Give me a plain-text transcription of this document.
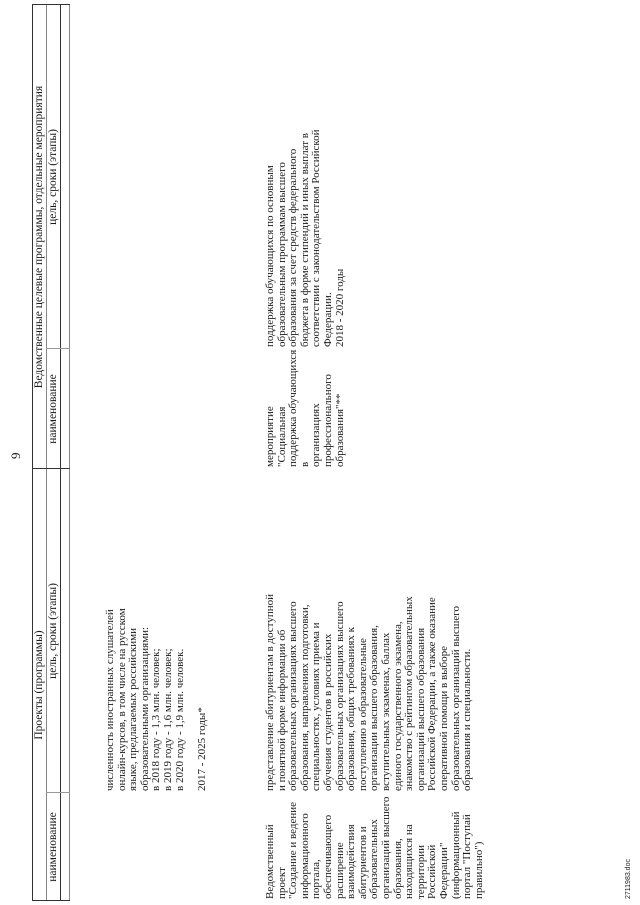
9
Проекты (программы)
Ведомственные целевые программы, отдельные мероприятия
наименование
цель, сроки (этапы)
наименование
цель, сроки (этапы)

численность иностранных слушателей онлайн-курсов, в том числе на русском языке, предлагаемых российскими образовательными организациями: в 2018 году - 1,3 млн. человек; в 2019 году - 1,6 млн. человек; в 2020 году - 1,9 млн. человек. 2017 - 2025 годы*

Ведомственный проект "Создание и ведение информационного портала, обеспечивающего расширение взаимодействия абитуриентов и образовательных организаций высшего образования, находящихся на территории Российской Федерации" (информационный портал "Поступай правильно")

представление абитуриентам в доступной и понятной форме информации об образовательных организациях высшего образования, направлениях подготовки, специальностях, условиях приема и обучения студентов в российских образовательных организациях высшего образования, общих требованиях к поступлению в образовательные организации высшего образования, вступительных экзаменах, баллах единого государственного экзамена, знакомство с рейтингом образовательных организаций высшего образования Российской Федерации, а также оказание оперативной помощи в выборе образовательных организаций высшего образования и специальности.

мероприятие "Социальная поддержка обучающихся в организациях профессионального образования"**

поддержка обучающихся по основным образовательным программам высшего образования за счет средств федерального бюджета в форме стипендий и иных выплат в соответствии с законодательством Российской Федерации. 2018 - 2020 годы

2711983.doc
